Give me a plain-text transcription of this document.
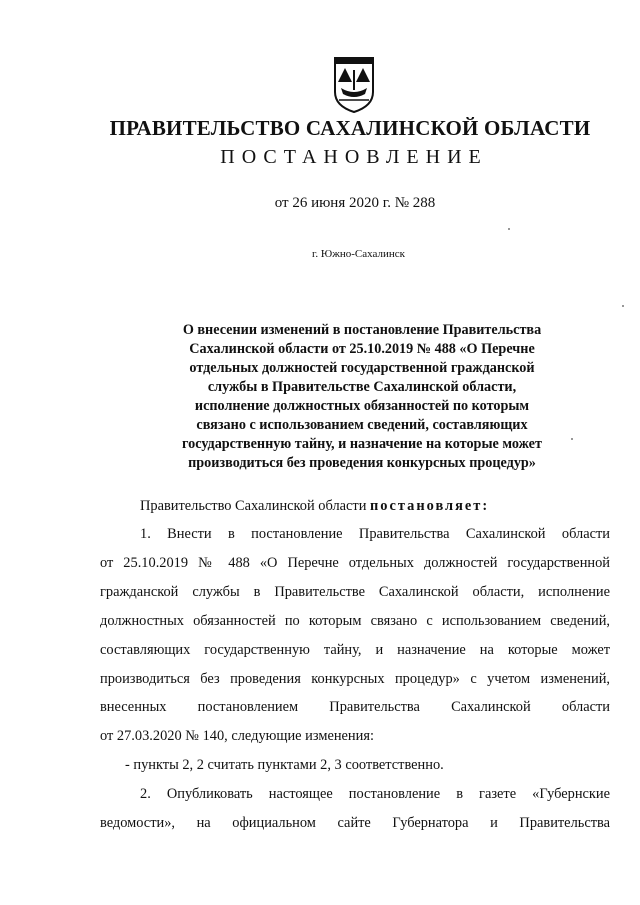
ПРАВИТЕЛЬСТВО САХАЛИНСКОЙ ОБЛАСТИ
ПОСТАНОВЛЕНИЕ
от 26 июня 2020 г. № 288
г. Южно-Сахалинск
О внесении изменений в постановление Правительства
Сахалинской области от 25.10.2019 № 488 «О Перечне
отдельных должностей государственной гражданской
службы в Правительстве Сахалинской области,
исполнение должностных обязанностей по которым
связано с использованием сведений, составляющих
государственную тайну, и назначение на которые может
производиться без проведения конкурсных процедур»
Правительство Сахалинской области постановляет:
1. Внести в постановление Правительства Сахалинской области
от 25.10.2019 № 488 «О Перечне отдельных должностей государственной
гражданской службы в Правительстве Сахалинской области, исполнение
должностных обязанностей по которым связано с использованием сведений,
составляющих государственную тайну, и назначение на которые может
производиться без проведения конкурсных процедур» с учетом изменений,
внесенных постановлением Правительства Сахалинской области
от 27.03.2020 № 140, следующие изменения:
- пункты 2, 2 считать пунктами 2, 3 соответственно.
2. Опубликовать настоящее постановление в газете «Губернские
ведомости», на официальном сайте Губернатора и Правительства
